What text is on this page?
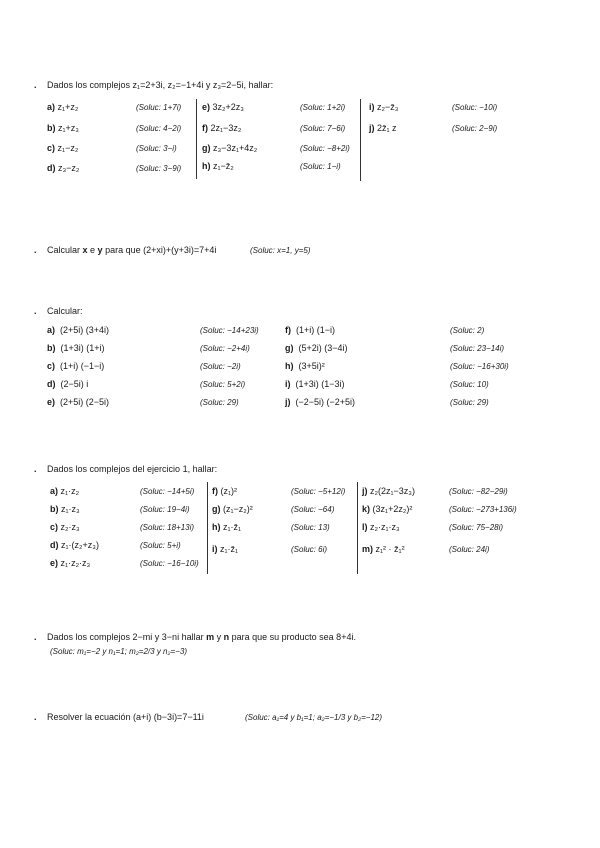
. Dados los complejos z₁=2+3i, z₂=−1+4i y z₃=2−5i, hallar:
a) z₁+z₂	(Soluc: 1+7i)
b) z₁+z₃	(Soluc: 4−2i)
c) z₁−z₂	(Soluc: 3−i)
d) z₃−z₂	(Soluc: 3−9i)
e) 3z₂+2z₃	(Soluc: 1+2i)
f) 2z₁−3z₂	(Soluc: 7−6i)
g) z₃−3z₁+4z₂	(Soluc: −8+2i)
h) z₁−z̄₂	(Soluc: 1−i)
i) z₂−z̄₃	(Soluc: −10i)
j) 2z̄₁ z	(Soluc: 2−9i)
. Calcular x e y para que (2+xi)+(y+3i)=7+4i	(Soluc: x=1, y=5)
. Calcular:
a) (2+5i) (3+4i)	(Soluc: −14+23i)
b) (1+3i) (1+i)	(Soluc: −2+4i)
c) (1+i) (−1−i)	(Soluc: −2i)
d) (2−5i) i	(Soluc: 5+2i)
e) (2+5i) (2−5i)	(Soluc: 29)
f) (1+i) (1−i)	(Soluc: 2)
g) (5+2i) (3−4i)	(Soluc: 23−14i)
h) (3+5i)²	(Soluc: −16+30i)
i) (1+3i) (1−3i)	(Soluc: 10)
j) (−2−5i) (−2+5i)	(Soluc: 29)
. Dados los complejos del ejercicio 1, hallar:
a) z₁·z₂	(Soluc: −14+5i)
b) z₁·z₃	(Soluc: 19−4i)
c) z₂·z₃	(Soluc: 18+13i)
d) z₁·(z₂+z₃)	(Soluc: 5+i)
e) z₁·z₂·z₃	(Soluc: −16−10i)
f) (z₁)²	(Soluc: −5+12i)
g) (z₁−z₂)²	(Soluc: −64)
h) z₁·z̄₁	(Soluc: 13)
i) z₁·z̄₁	(Soluc: 6i)
j) z₂(2z₁−3z₃)	(Soluc: −82−29i)
k) (3z₁+2z₂)²	(Soluc: −273+136i)
l) z₂·z₁·z₃	(Soluc: 75−28i)
m) z₁² · z̄₁²	(Soluc: 24i)
. Dados los complejos 2−mi y 3−ni hallar m y n para que su producto sea 8+4i.
(Soluc: m₁=−2 y n₁=1; m₂=2/3 y n₂=−3)
. Resolver la ecuación (a+i) (b−3i)=7−11i	(Soluc: a₁=4 y b₁=1; a₂=−1/3 y b₂=−12)
